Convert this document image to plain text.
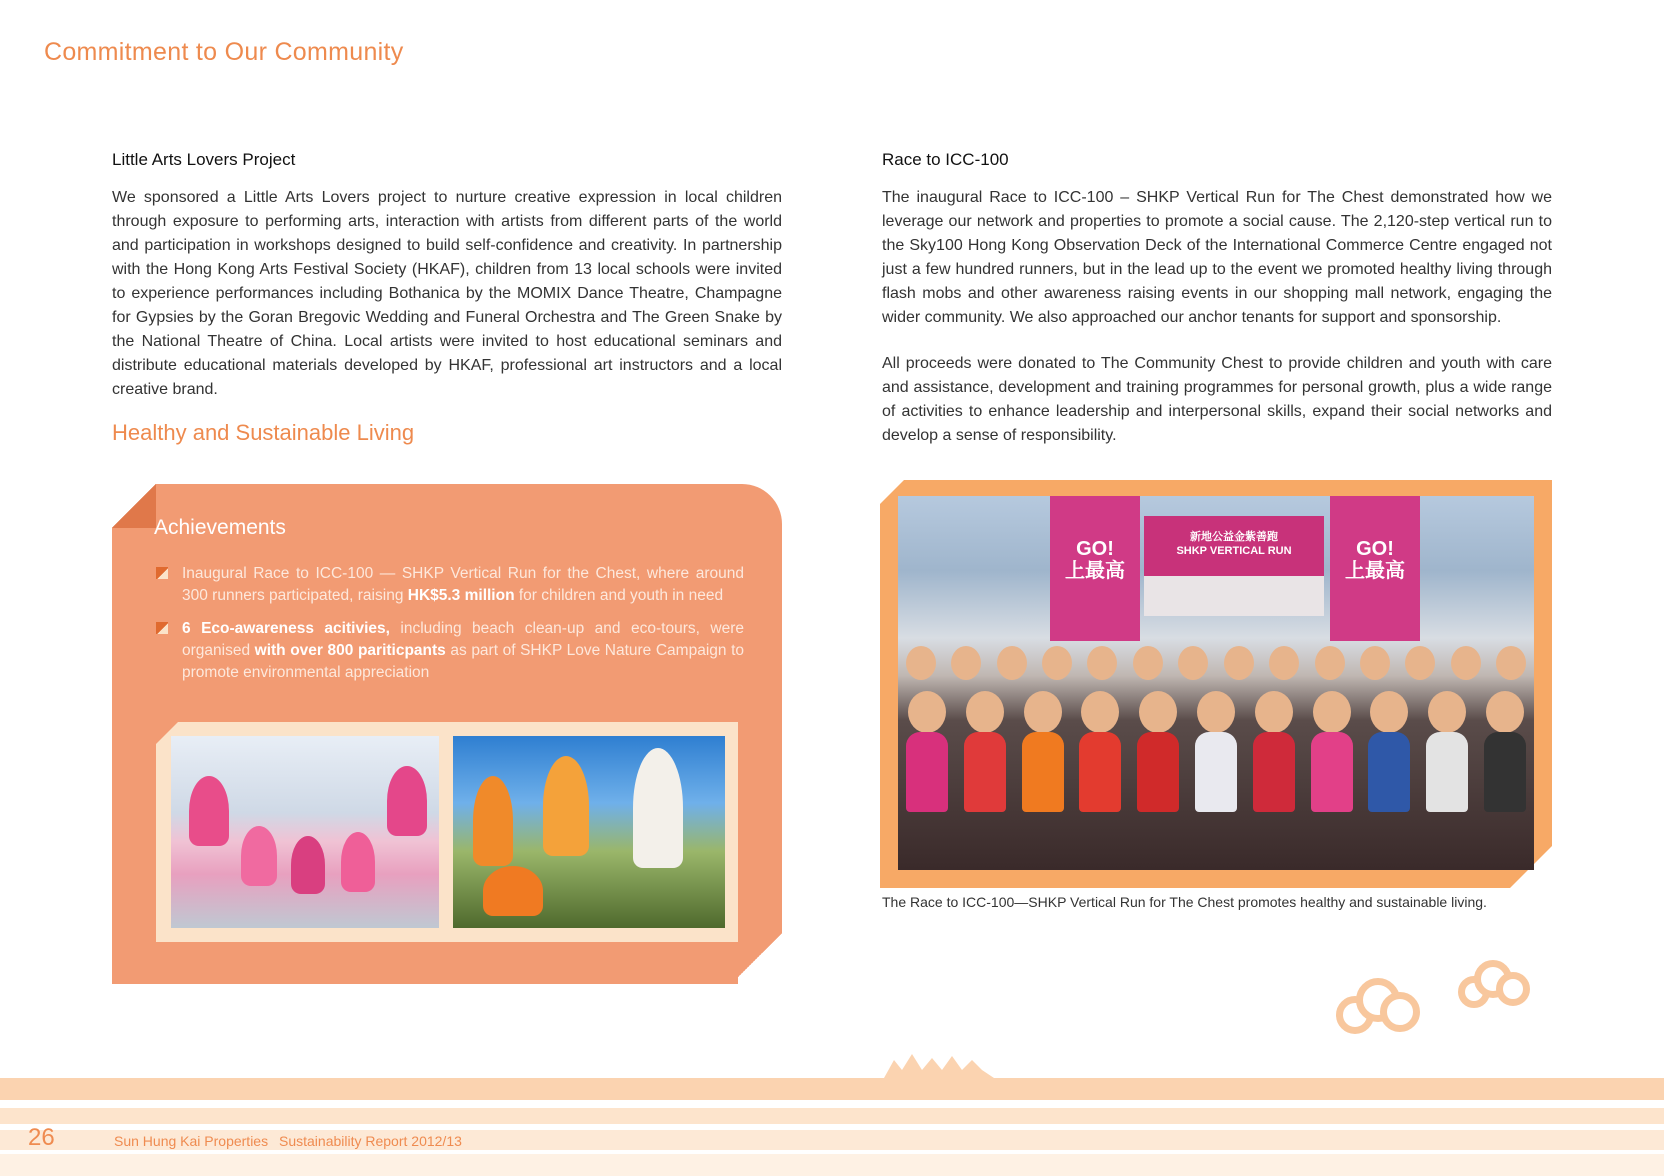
Commitment to Our Community
Little Arts Lovers Project

We sponsored a Little Arts Lovers project to nurture creative expression in local children through exposure to performing arts, interaction with artists from different parts of the world and participation in workshops designed to build self-confidence and creativity. In partnership with the Hong Kong Arts Festival Society (HKAF), children from 13 local schools were invited to experience performances including Bothanica by the MOMIX Dance Theatre, Champagne for Gypsies by the Goran Bregovic Wedding and Funeral Orchestra and The Green Snake by the National Theatre of China. Local artists were invited to host educational seminars and distribute educational materials developed by HKAF, professional art instructors and a local creative brand.

Healthy and Sustainable Living
Achievements
Inaugural Race to ICC-100 — SHKP Vertical Run for the Chest, where around 300 runners participated, raising HK$5.3 million for children and youth in need
6 Eco-awareness acitivies, including beach clean-up and eco-tours, were organised with over 800 pariticpants as part of SHKP Love Nature Campaign to promote environmental appreciation
Race to ICC-100

The inaugural Race to ICC-100 – SHKP Vertical Run for The Chest demonstrated how we leverage our network and properties to promote a social cause. The 2,120-step vertical run to the Sky100 Hong Kong Observation Deck of the International Commerce Centre engaged not just a few hundred runners, but in the lead up to the event we promoted healthy living through flash mobs and other awareness raising events in our shopping mall network, engaging the wider community. We also approached our anchor tenants for support and sponsorship.

All proceeds were donated to The Community Chest to provide children and youth with care and assistance, development and training programmes for personal growth, plus a wide range of activities to enhance leadership and interpersonal skills, expand their social networks and develop a sense of responsibility.

GO!
上最高
GO!
上最高
新地公益金紫善跑
SHKP VERTICAL RUN
The Race to ICC-100—SHKP Vertical Run for The Chest promotes healthy and sustainable living.
26	Sun Hung Kai Properties Sustainability Report 2012/13
